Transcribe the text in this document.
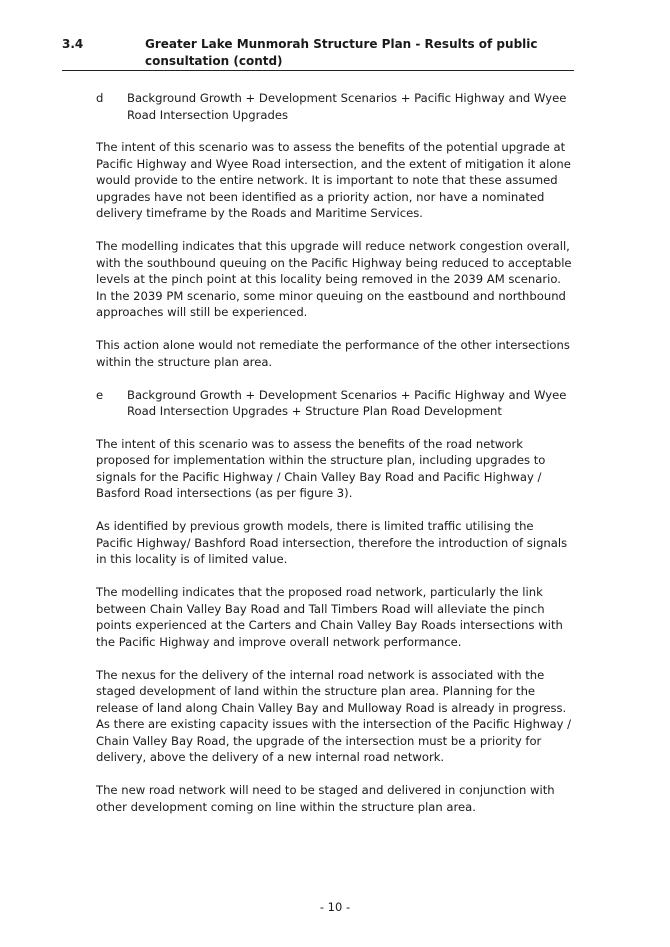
3.4	Greater Lake Munmorah Structure Plan - Results of public consultation (contd)
d	Background Growth + Development Scenarios + Pacific Highway and Wyee Road Intersection Upgrades

The intent of this scenario was to assess the benefits of the potential upgrade at Pacific Highway and Wyee Road intersection, and the extent of mitigation it alone would provide to the entire network. It is important to note that these assumed upgrades have not been identified as a priority action, nor have a nominated delivery timeframe by the Roads and Maritime Services.

The modelling indicates that this upgrade will reduce network congestion overall, with the southbound queuing on the Pacific Highway being reduced to acceptable levels at the pinch point at this locality being removed in the 2039 AM scenario. In the 2039 PM scenario, some minor queuing on the eastbound and northbound approaches will still be experienced.

This action alone would not remediate the performance of the other intersections within the structure plan area.

e	Background Growth + Development Scenarios + Pacific Highway and Wyee Road Intersection Upgrades + Structure Plan Road Development

The intent of this scenario was to assess the benefits of the road network proposed for implementation within the structure plan, including upgrades to signals for the Pacific Highway / Chain Valley Bay Road and Pacific Highway / Basford Road intersections (as per figure 3).

As identified by previous growth models, there is limited traffic utilising the Pacific Highway/ Bashford Road intersection, therefore the introduction of signals in this locality is of limited value.

The modelling indicates that the proposed road network, particularly the link between Chain Valley Bay Road and Tall Timbers Road will alleviate the pinch points experienced at the Carters and Chain Valley Bay Roads intersections with the Pacific Highway and improve overall network performance.

The nexus for the delivery of the internal road network is associated with the staged development of land within the structure plan area. Planning for the release of land along Chain Valley Bay and Mulloway Road is already in progress. As there are existing capacity issues with the intersection of the Pacific Highway / Chain Valley Bay Road, the upgrade of the intersection must be a priority for delivery, above the delivery of a new internal road network.

The new road network will need to be staged and delivered in conjunction with other development coming on line within the structure plan area.

- 10 -
